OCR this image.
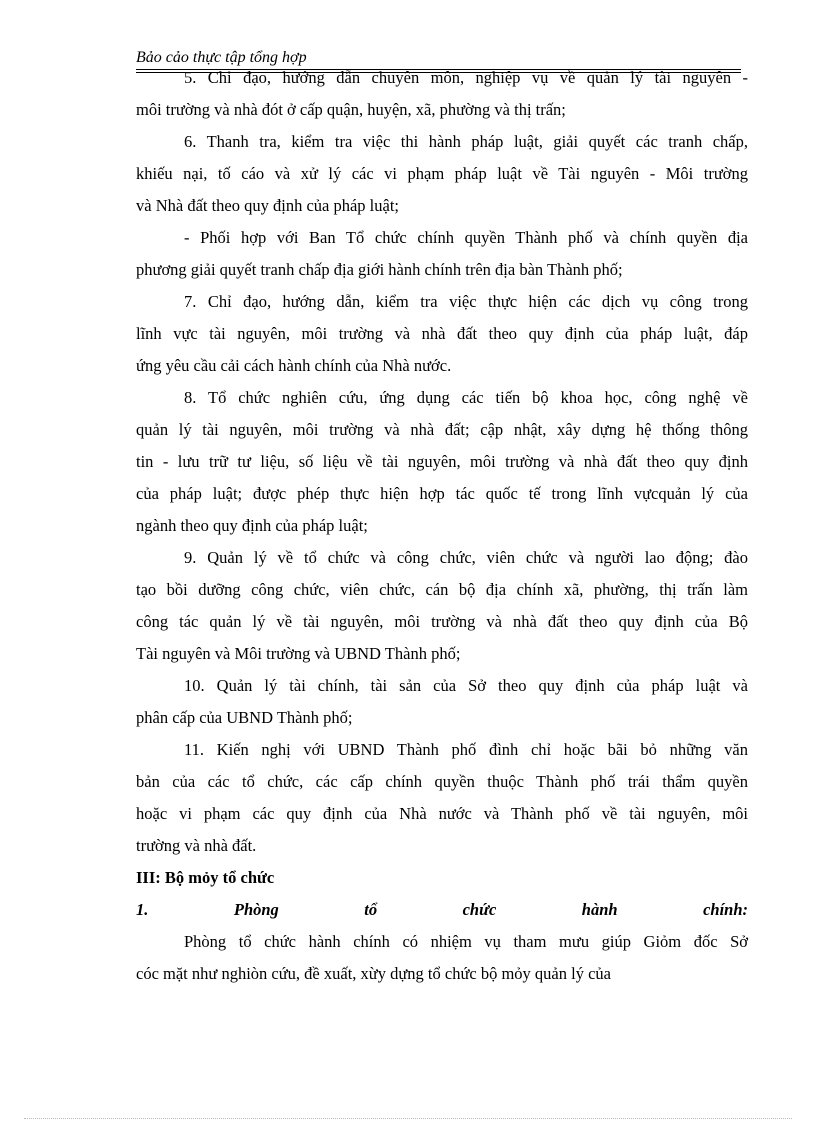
Bảo cảo thực tập tổng hợp
5. Chỉ đạo, hướng dẫn chuyên môn, nghiệp vụ về quản lý tài nguyên -
môi trường và nhà đót ở cấp quận, huyện, xã, phường và thị trấn;
6. Thanh tra, kiểm tra việc thi hành pháp luật, giải quyết các tranh chấp,
khiếu nại, tố cáo và xử lý các vi phạm pháp luật về Tài nguyên - Môi trường
và Nhà đất theo quy định của pháp luật;
- Phối hợp với Ban Tổ chức chính quyền Thành phố và chính quyền địa
phương giải quyết tranh chấp địa giới hành chính trên địa bàn Thành phố;
7. Chỉ đạo, hướng dẫn, kiểm tra việc thực hiện các dịch vụ công trong
lĩnh vực tài nguyên, môi trường và nhà đất theo quy định của pháp luật, đáp
ứng yêu cầu cải cách hành chính của Nhà nước.
8. Tổ chức nghiên cứu, ứng dụng các tiến bộ khoa học, công nghệ về
quản lý tài nguyên, môi trường và nhà đất; cập nhật, xây dựng hệ thống thông
tin - lưu trữ tư liệu, số liệu về tài nguyên, môi trường và nhà đất theo quy định
của pháp luật; được phép thực hiện hợp tác quốc tế trong lĩnh vựcquản lý của
ngành theo quy định của pháp luật;
9. Quản lý về tổ chức và công chức, viên chức và người lao động; đào
tạo bồi dưỡng công chức, viên chức, cán bộ địa chính xã, phường, thị trấn làm
công tác quản lý về tài nguyên, môi trường và nhà đất theo quy định của Bộ
Tài nguyên và Môi trường và UBND Thành phố;
10. Quản lý tài chính, tài sản của Sở theo quy định của pháp luật và
phân cấp của UBND Thành phố;
11. Kiến nghị với UBND Thành phố đình chỉ hoặc bãi bỏ những văn
bản của các tổ chức, các cấp chính quyền thuộc Thành phố trái thẩm quyền
hoặc vi phạm các quy định của Nhà nước và Thành phố về tài nguyên, môi
trường và nhà đất.
III: Bộ mỏy tổ chức
1. Phòng tổ chức hành chính:
Phòng tổ chức hành chính có nhiệm vụ tham mưu giúp Giỏm đốc Sở
cóc mặt như nghiòn cứu, đề xuất, xừy dựng tổ chức bộ mỏy quản lý của
